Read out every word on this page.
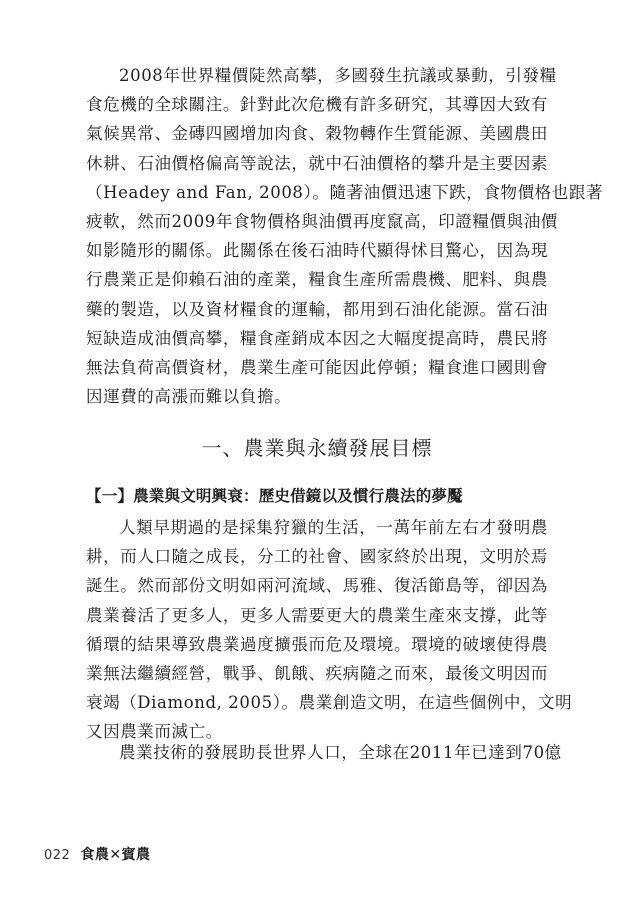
2008年世界糧價陡然高攀，多國發生抗議或暴動，引發糧
食危機的全球關注。針對此次危機有許多研究，其導因大致有
氣候異常、金磚四國增加肉食、穀物轉作生質能源、美國農田
休耕、石油價格偏高等說法，就中石油價格的攀升是主要因素
（Headey and Fan, 2008）。隨著油價迅速下跌，食物價格也跟著
疲軟，然而2009年食物價格與油價再度竄高，印證糧價與油價
如影隨形的關係。此關係在後石油時代顯得怵目驚心，因為現
行農業正是仰賴石油的產業，糧食生產所需農機、肥料、與農
藥的製造，以及資材糧食的運輸，都用到石油化能源。當石油
短缺造成油價高攀，糧食產銷成本因之大幅度提高時，農民將
無法負荷高價資材，農業生產可能因此停頓；糧食進口國則會
因運費的高漲而難以負擔。
一、農業與永續發展目標
【一】農業與文明興衰：歷史借鏡以及慣行農法的夢魘
人類早期過的是採集狩獵的生活，一萬年前左右才發明農
耕，而人口隨之成長，分工的社會、國家終於出現，文明於焉
誕生。然而部份文明如兩河流域、馬雅、復活節島等，卻因為
農業養活了更多人，更多人需要更大的農業生產來支撐，此等
循環的結果導致農業過度擴張而危及環境。環境的破壞使得農
業無法繼續經營，戰爭、飢餓、疾病隨之而來，最後文明因而
衰竭（Diamond, 2005）。農業創造文明，在這些個例中，文明
又因農業而滅亡。
農業技術的發展助長世界人口，全球在2011年已達到70億
022 食農✕賓農
